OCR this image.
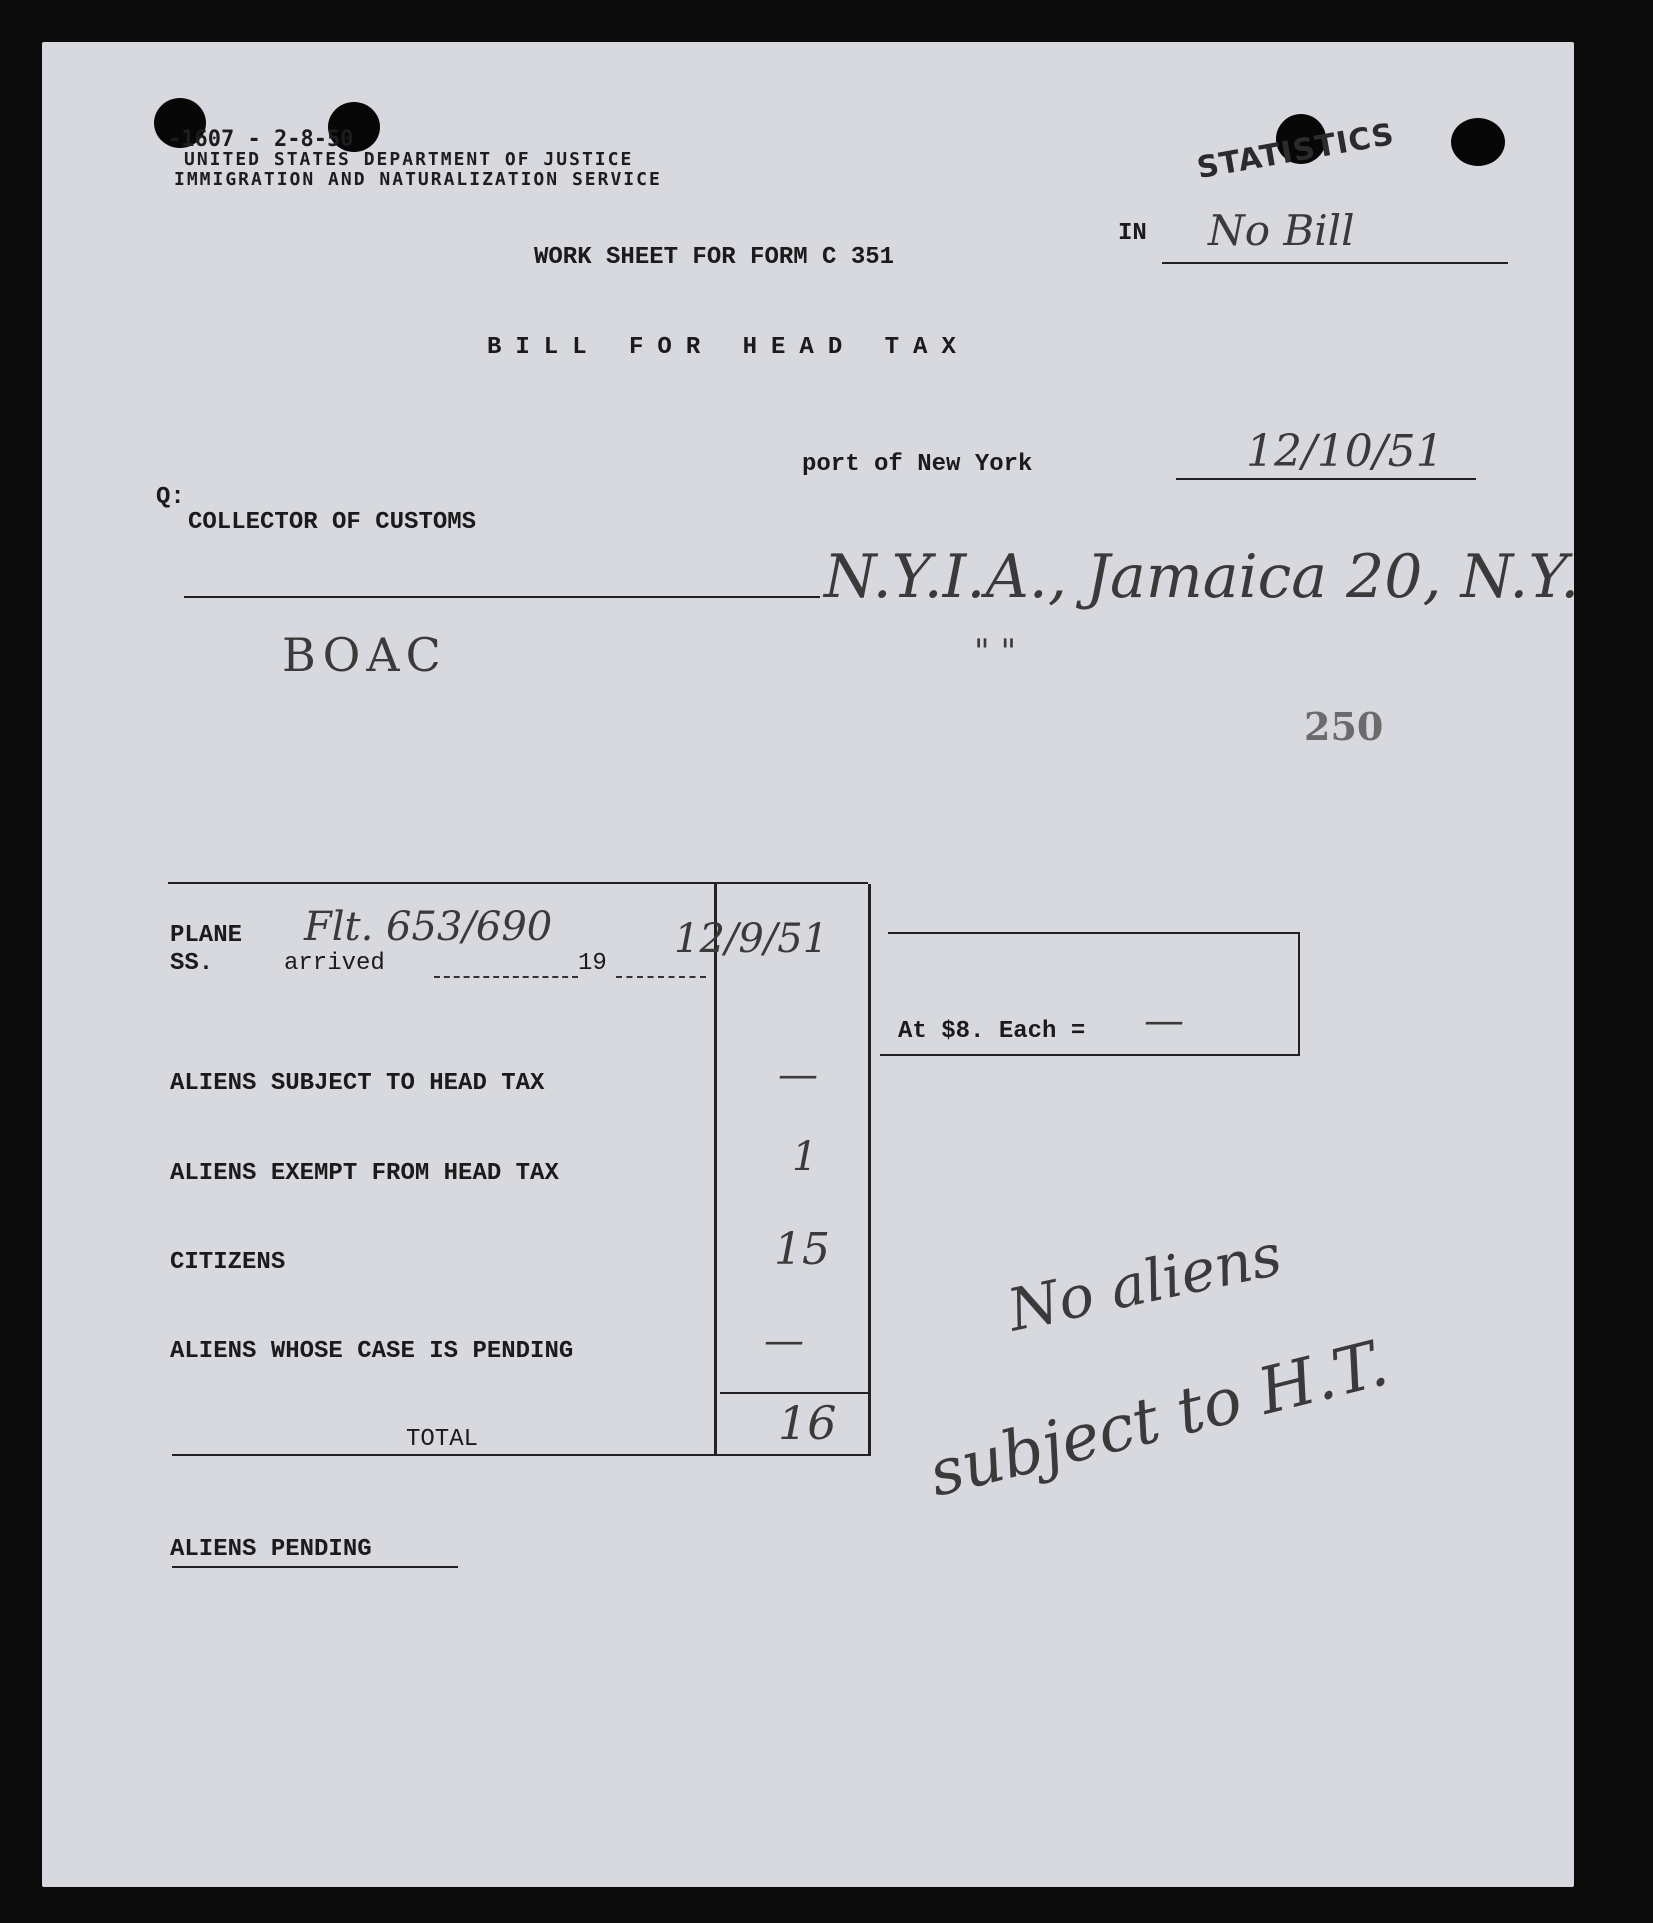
-1607 - 2-8-50
UNITED STATES DEPARTMENT OF JUSTICE
IMMIGRATION AND NATURALIZATION SERVICE	STATISTICS
IN No Bill
WORK SHEET FOR FORM C 351
BILL FOR HEAD TAX
port of New York	12/10/51
Q:
COLLECTOR OF CUSTOMS
N.Y.I.A., Jamaica 20, N.Y.
" "
BOAC
250
PLANE
SS.	arrived	19
Flt. 653/690	12/9/51
ALIENS SUBJECT TO HEAD TAX	—
ALIENS EXEMPT FROM HEAD TAX	1
CITIZENS	15
ALIENS WHOSE CASE IS PENDING	—
TOTAL	16
At $8. Each = —
ALIENS PENDING
No aliens
subject to H.T.
